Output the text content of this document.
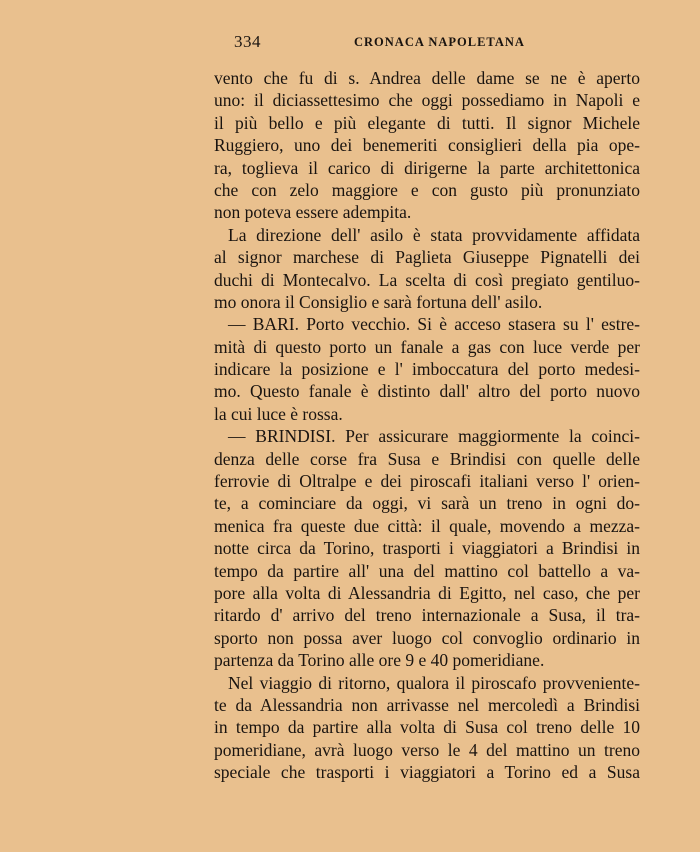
334	CRONACA NAPOLETANA
vento che fu di s. Andrea delle dame se ne è aperto
uno: il diciassettesimo che oggi possediamo in Napoli e
il più bello e più elegante di tutti. Il signor Michele
Ruggiero, uno dei benemeriti consiglieri della pia ope-
ra, toglieva il carico di dirigerne la parte architettonica
che con zelo maggiore e con gusto più pronunziato
non poteva essere adempita.
La direzione dell' asilo è stata provvidamente affidata
al signor marchese di Paglieta Giuseppe Pignatelli dei
duchi di Montecalvo. La scelta di così pregiato gentiluo-
mo onora il Consiglio e sarà fortuna dell' asilo.
— BARI. Porto vecchio. Si è acceso stasera su l' estre-
mità di questo porto un fanale a gas con luce verde per
indicare la posizione e l' imboccatura del porto medesi-
mo. Questo fanale è distinto dall' altro del porto nuovo
la cui luce è rossa.
— BRINDISI. Per assicurare maggiormente la coinci-
denza delle corse fra Susa e Brindisi con quelle delle
ferrovie di Oltralpe e dei piroscafi italiani verso l' orien-
te, a cominciare da oggi, vi sarà un treno in ogni do-
menica fra queste due città: il quale, movendo a mezza-
notte circa da Torino, trasporti i viaggiatori a Brindisi in
tempo da partire all' una del mattino col battello a va-
pore alla volta di Alessandria di Egitto, nel caso, che per
ritardo d' arrivo del treno internazionale a Susa, il tra-
sporto non possa aver luogo col convoglio ordinario in
partenza da Torino alle ore 9 e 40 pomeridiane.
Nel viaggio di ritorno, qualora il piroscafo provveniente-
te da Alessandria non arrivasse nel mercoledì a Brindisi
in tempo da partire alla volta di Susa col treno delle 10
pomeridiane, avrà luogo verso le 4 del mattino un treno
speciale che trasporti i viaggiatori a Torino ed a Susa
